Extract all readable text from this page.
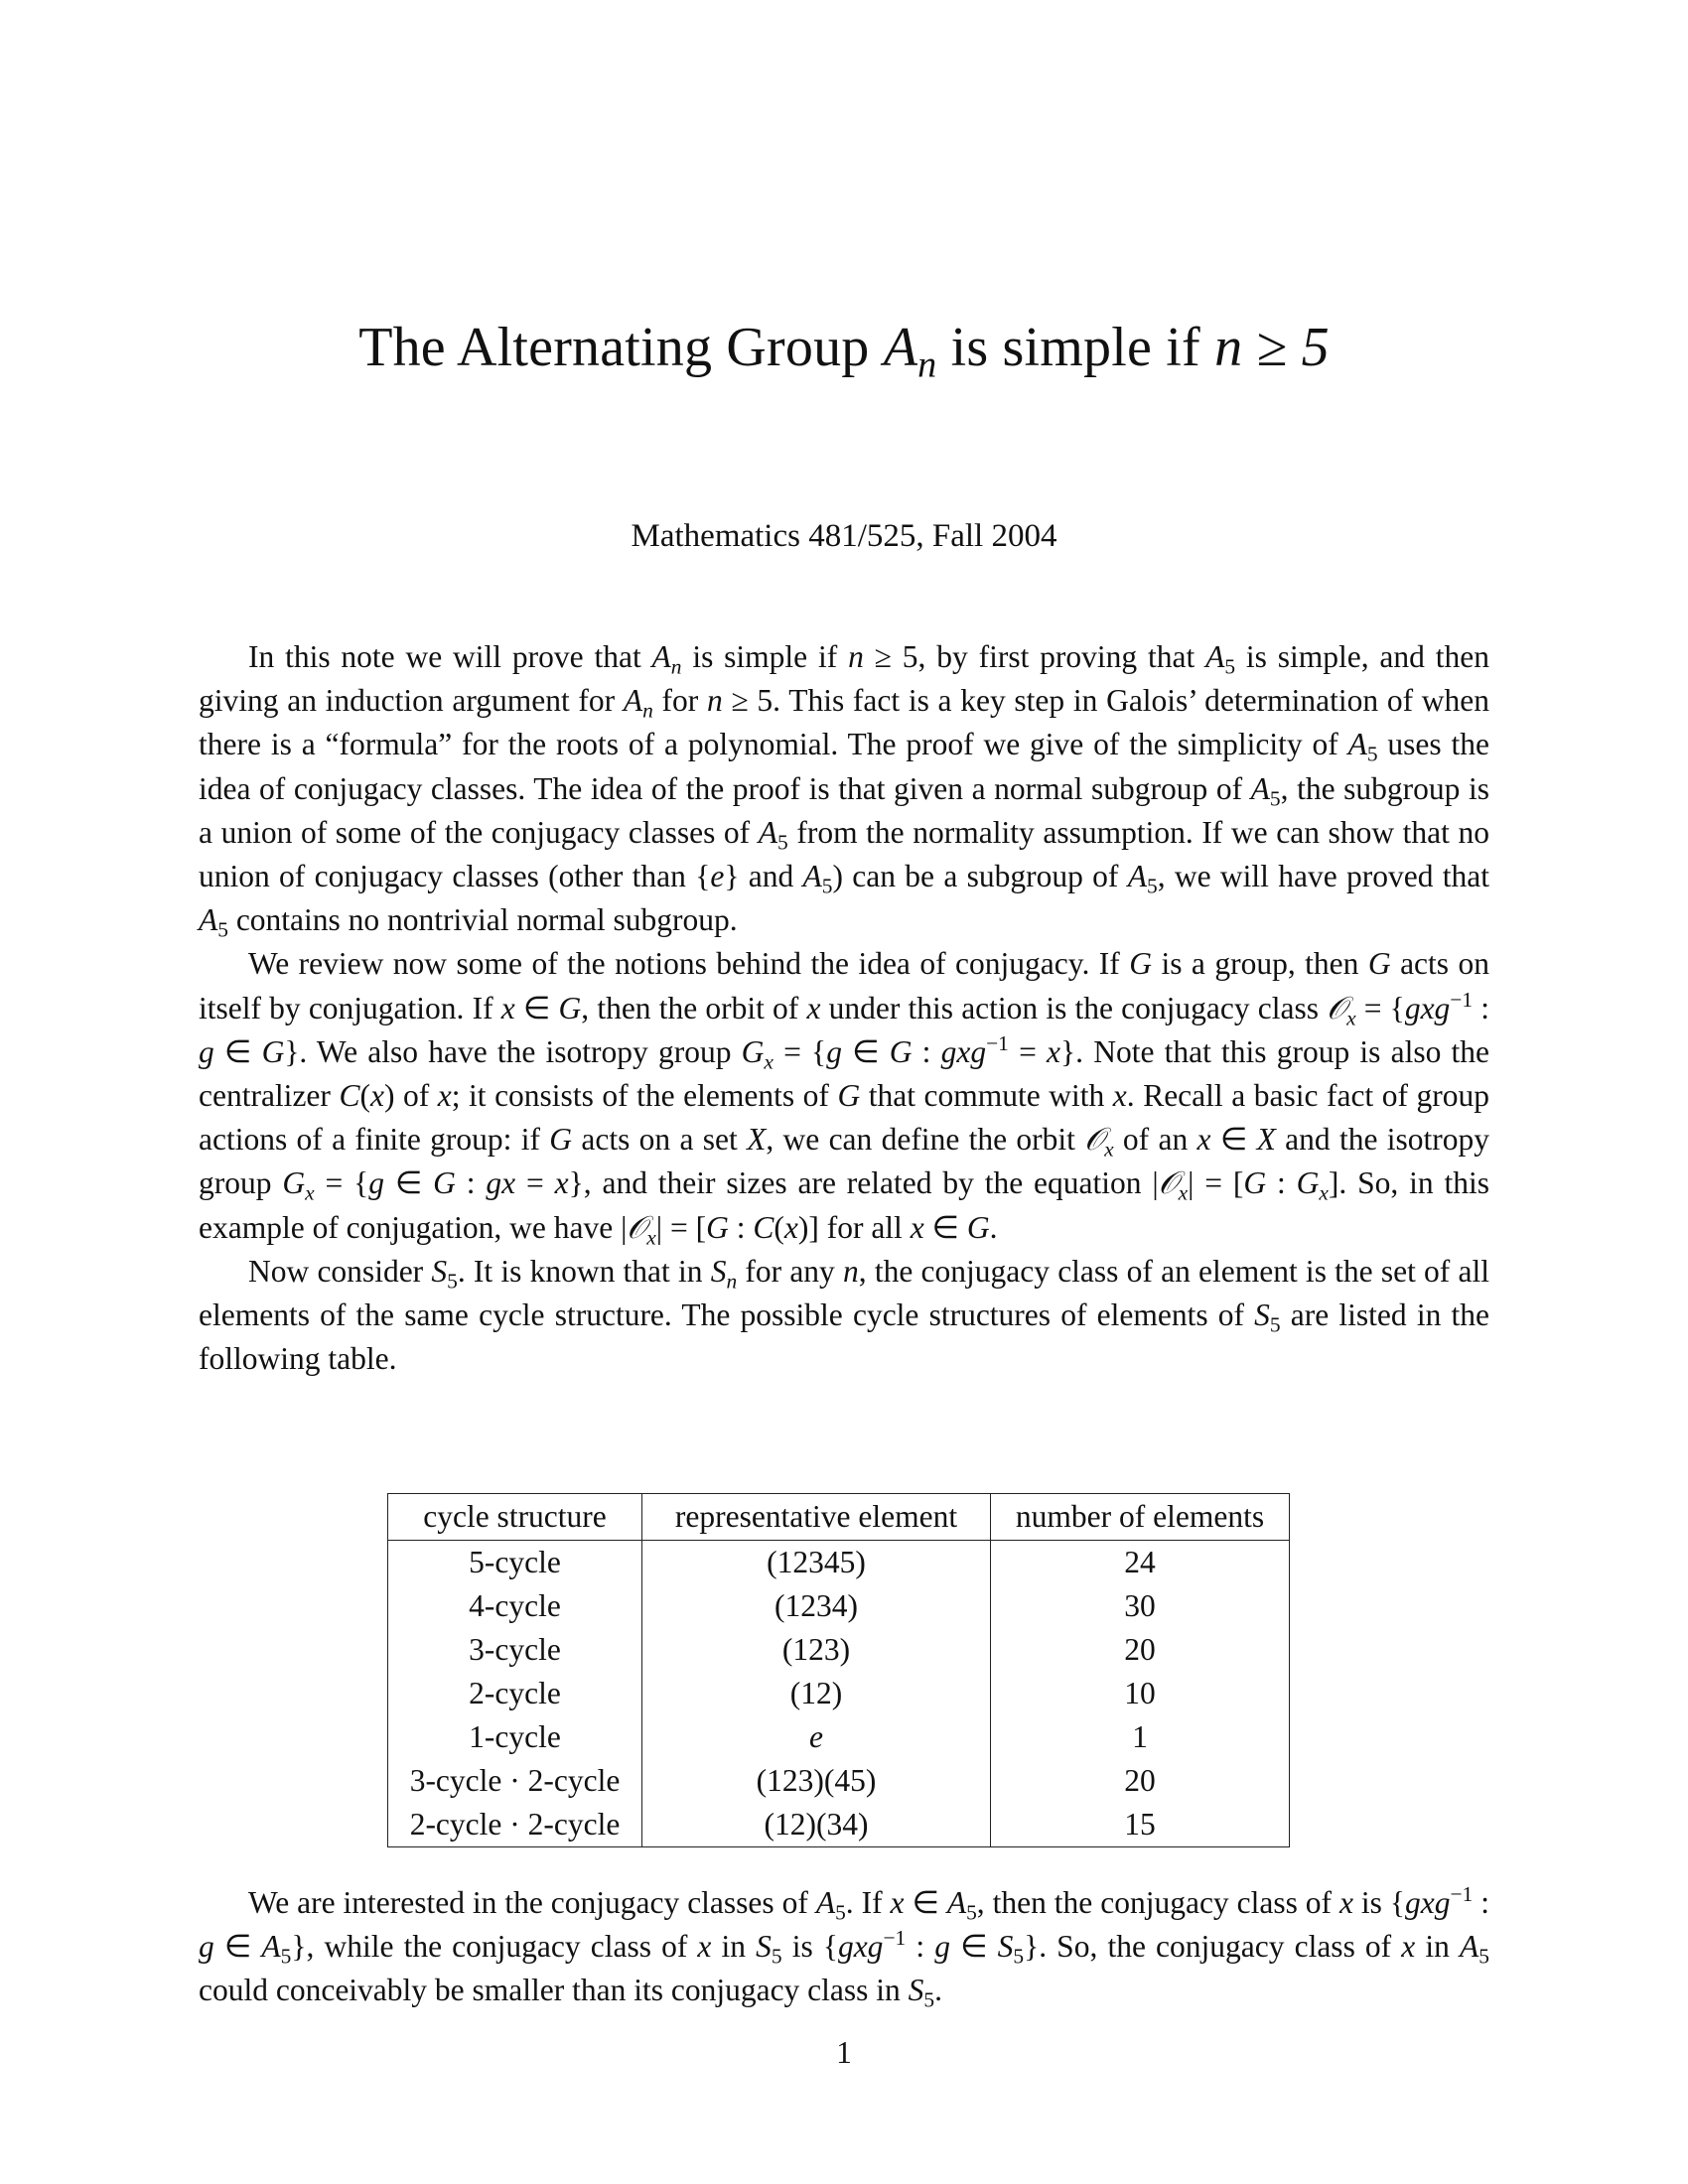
The Alternating Group $A_n$ is simple if n ≥ 5
Mathematics 481/525, Fall 2004

In this note we will prove that $A_n$ is simple if n ≥ 5, by first proving that $A_5$ is simple, and then giving an induction argument for $A_n$ for n ≥ 5. This fact is a key step in Galois’ determination of when there is a “formula” for the roots of a polynomial. The proof we give of the simplicity of $A_5$ uses the idea of conjugacy classes. The idea of the proof is that given a normal subgroup of $A_5$, the subgroup is a union of some of the conjugacy classes of $A_5$ from the normality assumption. If we can show that no union of conjugacy classes (other than {e} and $A_5$) can be a subgroup of $A_5$, we will have proved that $A_5$ contains no nontrivial normal subgroup.

We review now some of the notions behind the idea of conjugacy. If G is a group, then G acts on itself by conjugation. If x ∈ G, then the orbit of x under this action is the conjugacy class 𝒪$_x$ = {gxg$^{-1}$ : g ∈ G}. We also have the isotropy group $G_x = \{g$ ∈ G : gxg$^{-1}$ = x}. Note that this group is also the centralizer C(x) of x; it consists of the elements of G that commute with x. Recall a basic fact of group actions of a finite group: if G acts on a set X, we can define the orbit 𝒪$_x$ of an x ∈ X and the isotropy group $G_x = \{g$ ∈ G : gx = x}, and their sizes are related by the equation |𝒪$_x$| = [G : $G_x$]. So, in this example of conjugation, we have |𝒪$_x$| = [G : C(x)] for all x ∈ G.

Now consider $S_5$. It is known that in $S_n$ for any n, the conjugacy class of an element is the set of all elements of the same cycle structure. The possible cycle structures of elements of $S_5$ are listed in the following table.

cycle structure	representative element	number of elements
5-cycle	(12345)	24
4-cycle	(1234)	30
3-cycle	(123)	20
2-cycle	(12)	10
1-cycle	e	1
3-cycle · 2-cycle	(123)(45)	20
2-cycle · 2-cycle	(12)(34)	15

We are interested in the conjugacy classes of $A_5$. If x ∈ $A_5$, then the conjugacy class of x is {gxg$^{-1}$ : g ∈ $A_5$}, while the conjugacy class of x in $S_5$ is {gxg$^{-1}$ : g ∈ $S_5$}. So, the conjugacy class of x in $A_5$ could conceivably be smaller than its conjugacy class in $S_5$.

1
